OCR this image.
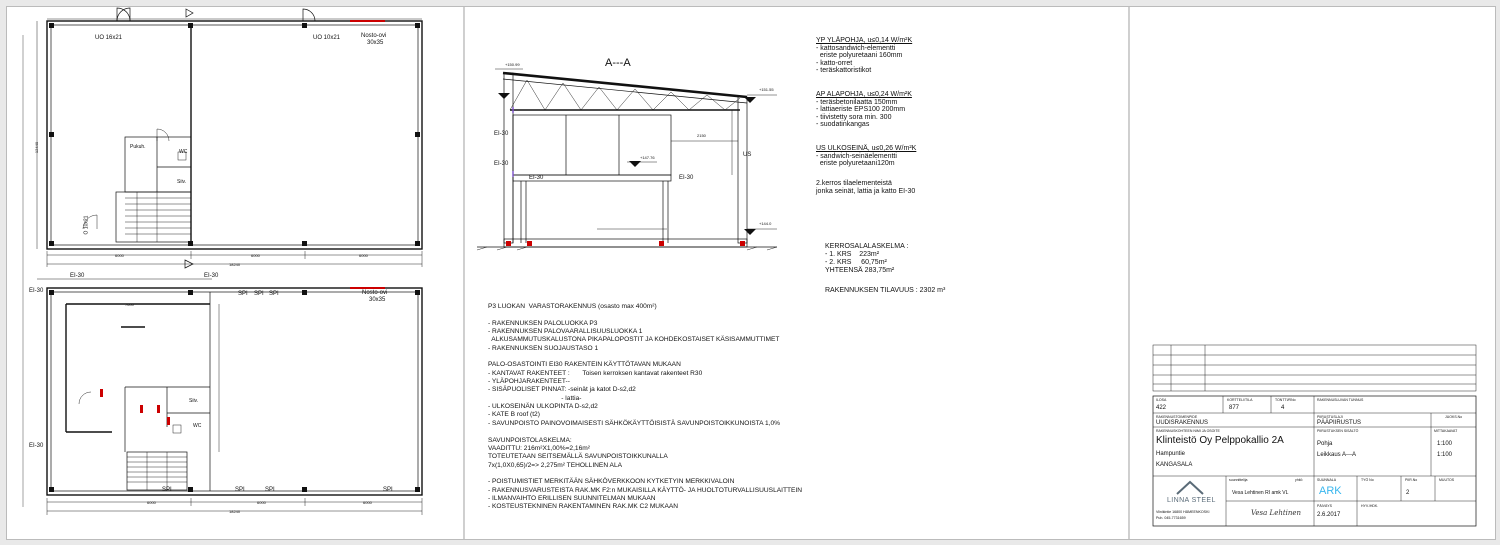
UO 16x21	UO 10x21	Nosto-ovi
30x35
O 10x21
Pukuh.
WC
Siiv.
6000	6000	6000
18240
12440
EI-30	EI-30
EI-30
EI-30
SPI SPI SPI
SPI	SPI	SPI	SPI
Nosto-ovi
30x35
7600
Siiv.
WC
6000	6000	6000
18240
A---A
+150.99
+151.55
+147.76
+144.0
2150
EI-30
EI-30
EI-30	EI-30
US
YP YLÄPOHJA, u≤0,14 W/m²K
- kattosandwich-elementti
eriste polyuretaani 160mm
- katto-orret
- teräskattoristikot
AP ALAPOHJA, u≤0,24 W/m²K
- teräsbetonilaatta 150mm
- lattiaeriste EPS100 200mm
- tiivistetty sora min. 300
- suodatinkangas
US ULKOSEINÄ, u≤0,26 W/m²K
- sandwich-seinäelementti
eriste polyuretaani120m
2.kerros tilaelementeistä
jonka seinät, lattia ja katto EI-30
KERROSALALASKELMA :
- 1. KRS    223m²
- 2. KRS     60,75m²
YHTEENSÄ 283,75m²
RAKENNUKSEN TILAVUUS : 2302 m³
P3 LUOKAN  VARASTORAKENNUS (osasto max 400m²)
- RAKENNUKSEN PALOLUOKKA P3
- RAKENNUKSEN PALOVAARALLISUUSLUOKKA 1
ALKUSAMMUTUSKALUSTONA PIKAPALOPOSTIT JA KOHDEKOSTAISET KÄSISAMMUTTIMET
- RAKENNUKSEN SUOJAUSTASO 1
PALO-OSASTOINTI EI30 RAKENTEIN KÄYTTÖTAVAN MUKAAN
- KANTAVAT RAKENTEET :       Toisen kerroksen kantavat rakenteet R30
- YLÄPOHJARAKENTEET--
- SISÄPUOLISET PINNAT: -seinät ja katot D-s2,d2
- lattia-
- ULKOSEINÄN ULKOPINTA D-s2,d2
- KATE B roof (t2)
- SAVUNPOISTO PAINOVOIMAISESTI SÄHKÖKÄYTTÖISISTÄ SAVUNPOISTOIKKUNOISTA 1,0%
SAVUNPOISTOLASKELMA:
VAADITTU: 216m²X1,00%=2,16m²
TOTEUTETAAN SEITSEMÄLLÄ SAVUNPOISTOIKKUNALLA
7x(1,0X0,65)/2=> 2,275m² TEHOLLINEN ALA
- POISTUMISTIET MERKITÄÄN SÄHKÖVERKKOON KYTKETYIN MERKKIVALOIN
- RAKENNUSVARUSTEISTA RAK.MK F2:n MUKAISILLA KÄYTTÖ- JA HUOLTOTURVALLISUUSLAITTEIN
- ILMANVAIHTO ERILLISEN SUUNNITELMAN MUKAAN
- KOSTEUSTEKNINEN RAKENTAMINEN RAK.MK C2 MUKAAN
ILOSA
422
KORTTELI/TILA
877
TONTTI/RNo
4
RAKENNUSLUVAN TUNNUS
RAKENNUSTOIMENPIDE
UUDISRAKENNUS
PIIRUSTUSLAJI
PÄÄPIIRUSTUS
JUOKS.No
RAKENNUSKOHTEEN NIMI JA OSOITE
Klinteistö Oy Pelppokallio 2A
Hampuntie
KANGASALA
PIIRUSTUKSEN SISÄLTÖ
Pohja
Leikkaus A---A
MITTAKAAVAT
1:100
1:100
suunnittelija	yhtiö
Vesa Lehtinen RI amk VL
SUUNNALA	TYÖ No	PIIR.No	MUUTOS
ARK	2
PÄIVÄYS	HYV./HDK.
2.6.2017
LINNA STEEL
Viinikintie 16800 HÄMEENKOSKI
Puh. 045-7731659
Vesa Lehtinen
